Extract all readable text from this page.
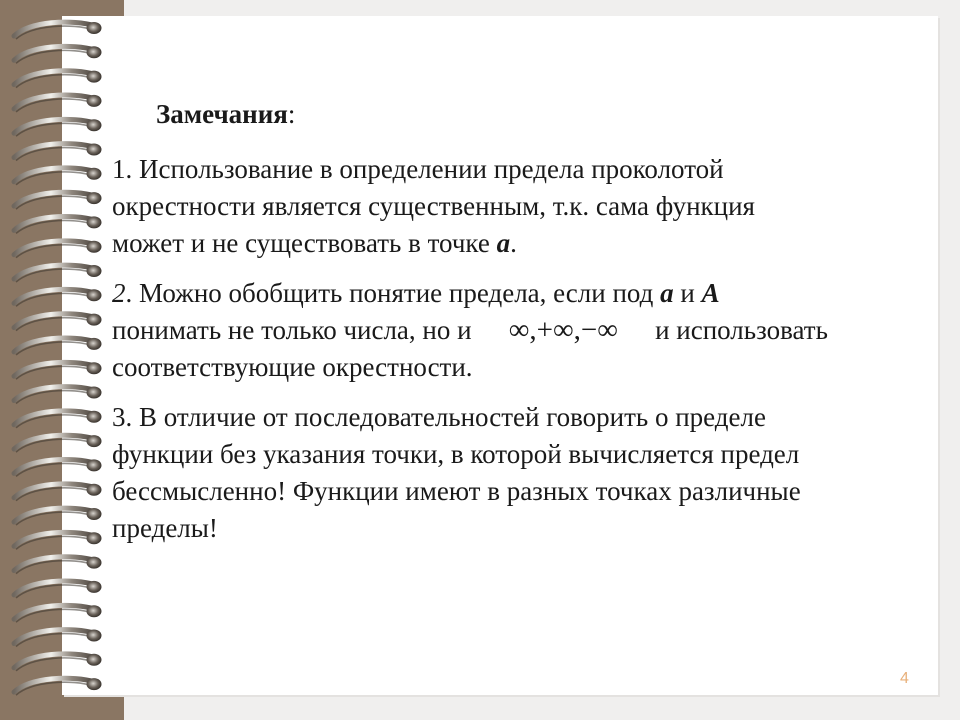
Замечания:
1. Использование в определении предела проколотой
окрестности является существенным, т.к. сама функция
может и не существовать в точке a.
2. Можно обобщить понятие предела, если под a и A
понимать не только числа, но и ∞,+∞,−∞ и использовать
соответствующие окрестности.
3. В отличие от последовательностей говорить о пределе
функции без указания точки, в которой вычисляется предел
бессмысленно! Функции имеют в разных точках различные
пределы!
4
